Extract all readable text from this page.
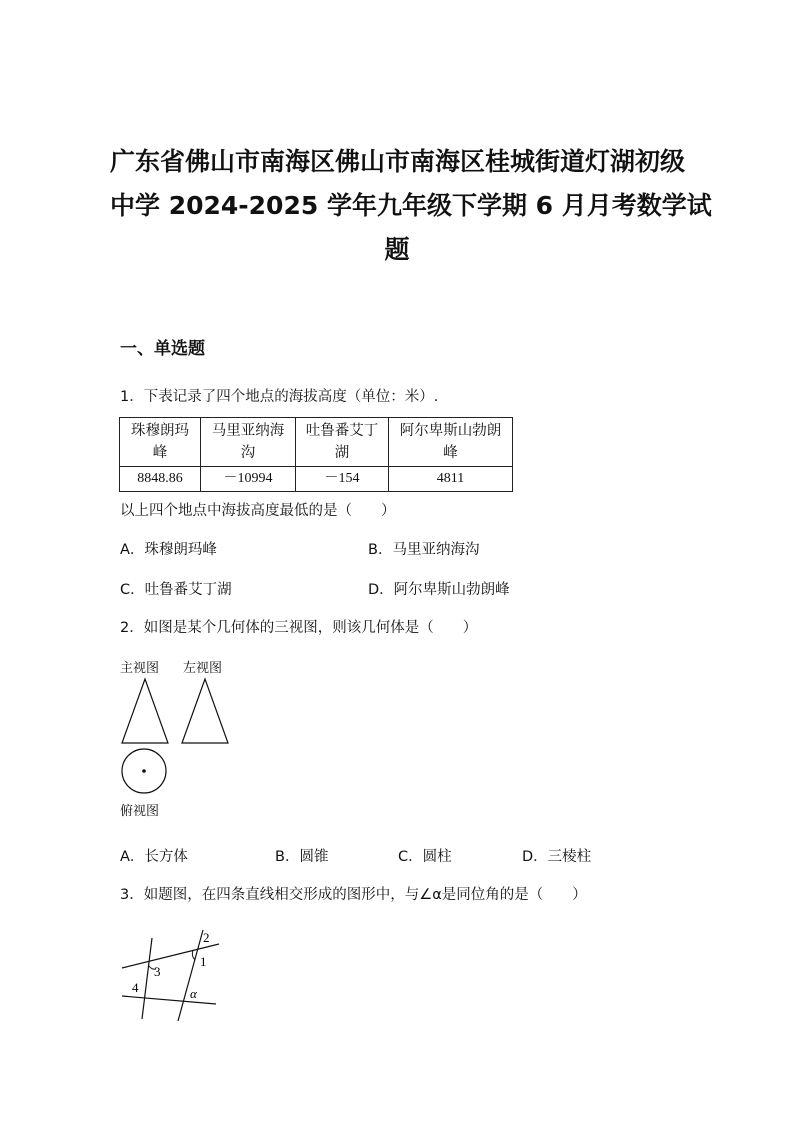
广东省佛山市南海区佛山市南海区桂城街道灯湖初级
中学 2024-2025 学年九年级下学期 6 月月考数学试
题
一、单选题
1．下表记录了四个地点的海拔高度（单位：米）.
珠穆朗玛
峰	马里亚纳海
沟	吐鲁番艾丁
湖	阿尔卑斯山勃朗
峰
8848.86	－10994	－154	4811
以上四个地点中海拔高度最低的是（　　）
A．珠穆朗玛峰	B．马里亚纳海沟
C．吐鲁番艾丁湖	D．阿尔卑斯山勃朗峰
2．如图是某个几何体的三视图，则该几何体是（　　）
主视图 左视图
俯视图
A．长方体	B．圆锥	C．圆柱	D．三棱柱
3．如题图，在四条直线相交形成的图形中，与∠α是同位角的是（　　）
2
1
3
4	α
